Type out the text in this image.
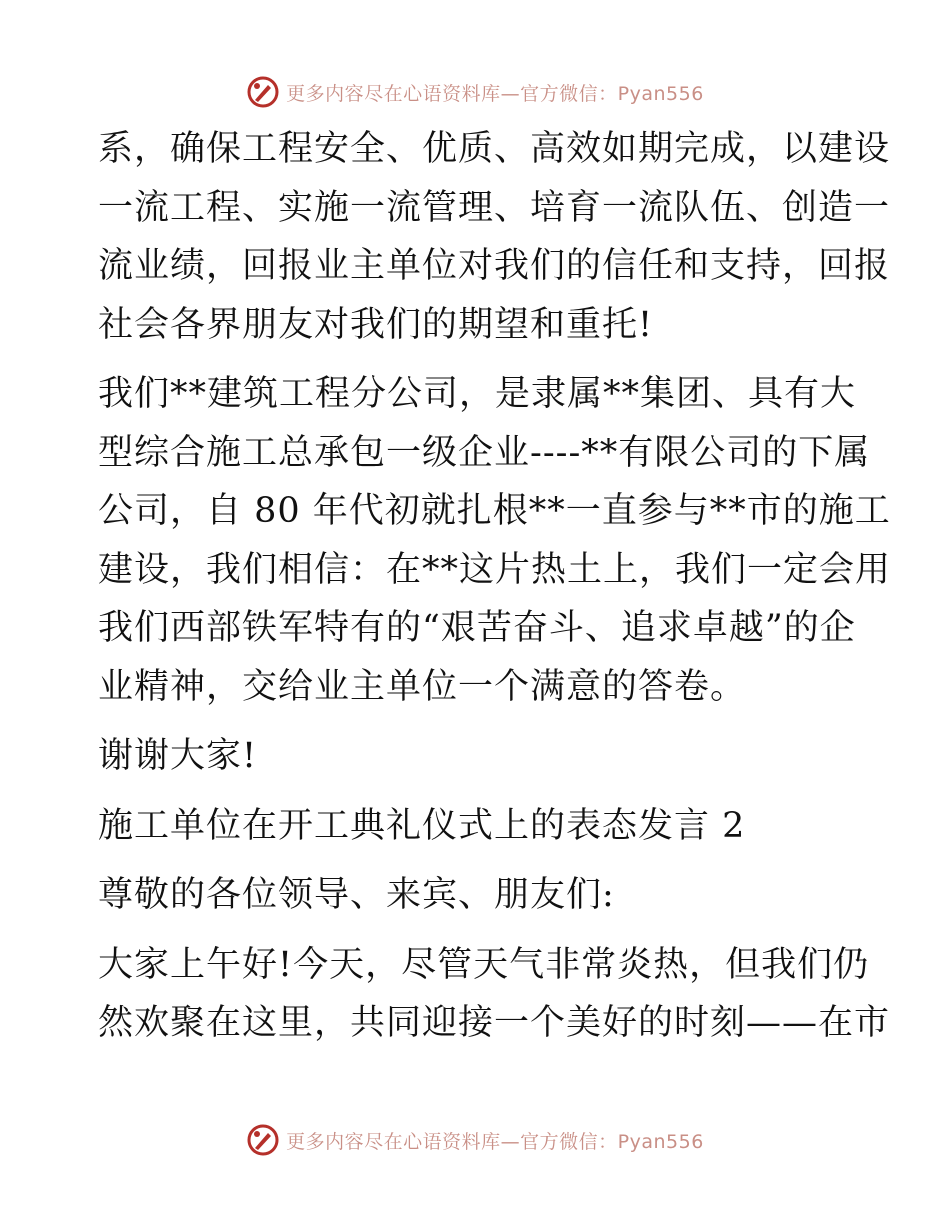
更多内容尽在心语资料库—官方微信：Pyan556

系，确保工程安全、优质、高效如期完成，以建设
一流工程、实施一流管理、培育一流队伍、创造一
流业绩，回报业主单位对我们的信任和支持，回报
社会各界朋友对我们的期望和重托!

我们**建筑工程分公司，是隶属**集团、具有大
型综合施工总承包一级企业----**有限公司的下属
公司，自 80 年代初就扎根**一直参与**市的施工
建设，我们相信：在**这片热土上，我们一定会用
我们西部铁军特有的“艰苦奋斗、追求卓越”的企
业精神，交给业主单位一个满意的答卷。

谢谢大家!

施工单位在开工典礼仪式上的表态发言 2

尊敬的各位领导、来宾、朋友们:

大家上午好!今天，尽管天气非常炎热，但我们仍
然欢聚在这里，共同迎接一个美好的时刻——在市

更多内容尽在心语资料库—官方微信：Pyan556
